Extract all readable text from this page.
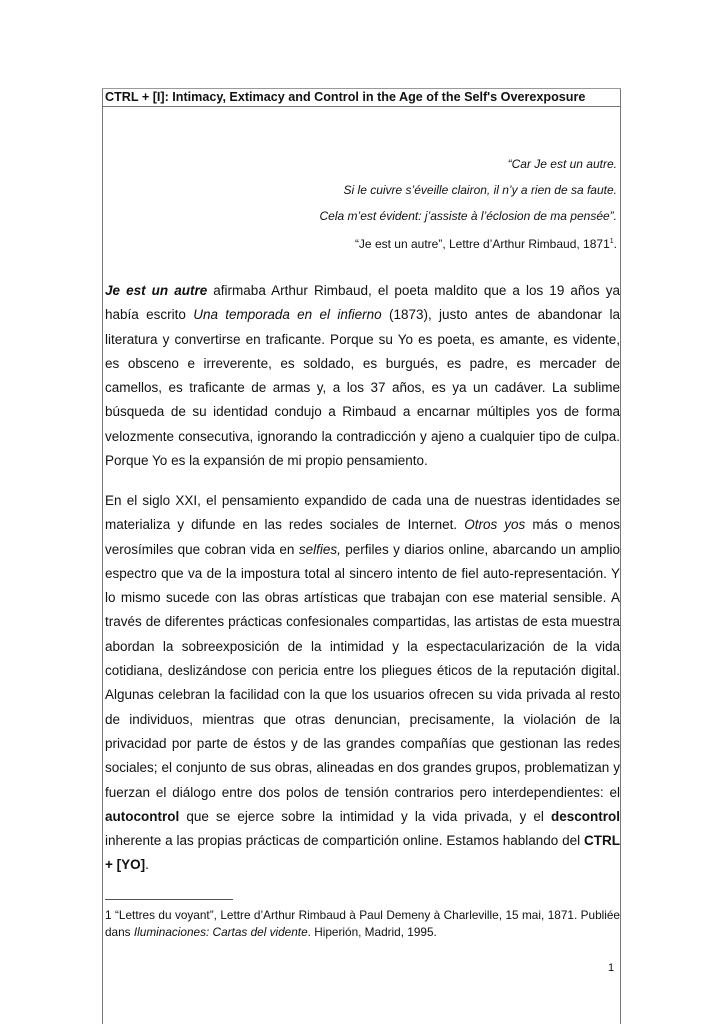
CTRL + [I]: Intimacy, Extimacy and Control in the Age of the Self's Overexposure
“Car Je est un autre.
Si le cuivre s’éveille clairon, il n’y a rien de sa faute.
Cela m’est évident: j’assiste à l’éclosion de ma pensée”.
“Je est un autre”, Lettre d’Arthur Rimbaud, 1871$^1$.
Je est un autre afirmaba Arthur Rimbaud, el poeta maldito que a los 19 años ya había escrito Una temporada en el infierno (1873), justo antes de abandonar la literatura y convertirse en traficante. Porque su Yo es poeta, es amante, es vidente, es obsceno e irreverente, es soldado, es burgués, es padre, es mercader de camellos, es traficante de armas y, a los 37 años, es ya un cadáver. La sublime búsqueda de su identidad condujo a Rimbaud a encarnar múltiples yos de forma velozmente consecutiva, ignorando la contradicción y ajeno a cualquier tipo de culpa. Porque Yo es la expansión de mi propio pensamiento.
En el siglo XXI, el pensamiento expandido de cada una de nuestras identidades se materializa y difunde en las redes sociales de Internet. Otros yos más o menos verosímiles que cobran vida en selfies, perfiles y diarios online, abarcando un amplio espectro que va de la impostura total al sincero intento de fiel auto-representación. Y lo mismo sucede con las obras artísticas que trabajan con ese material sensible. A través de diferentes prácticas confesionales compartidas, las artistas de esta muestra abordan la sobreexposición de la intimidad y la espectacularización de la vida cotidiana, deslizándose con pericia entre los pliegues éticos de la reputación digital. Algunas celebran la facilidad con la que los usuarios ofrecen su vida privada al resto de individuos, mientras que otras denuncian, precisamente, la violación de la privacidad por parte de éstos y de las grandes compañías que gestionan las redes sociales; el conjunto de sus obras, alineadas en dos grandes grupos, problematizan y fuerzan el diálogo entre dos polos de tensión contrarios pero interdependientes: el autocontrol que se ejerce sobre la intimidad y la vida privada, y el descontrol inherente a las propias prácticas de compartición online. Estamos hablando del CTRL + [YO].
1 “Lettres du voyant”, Lettre d’Arthur Rimbaud à Paul Demeny à Charleville, 15 mai, 1871. Publiée dans Iluminaciones: Cartas del vidente. Hiperión, Madrid, 1995.
1
